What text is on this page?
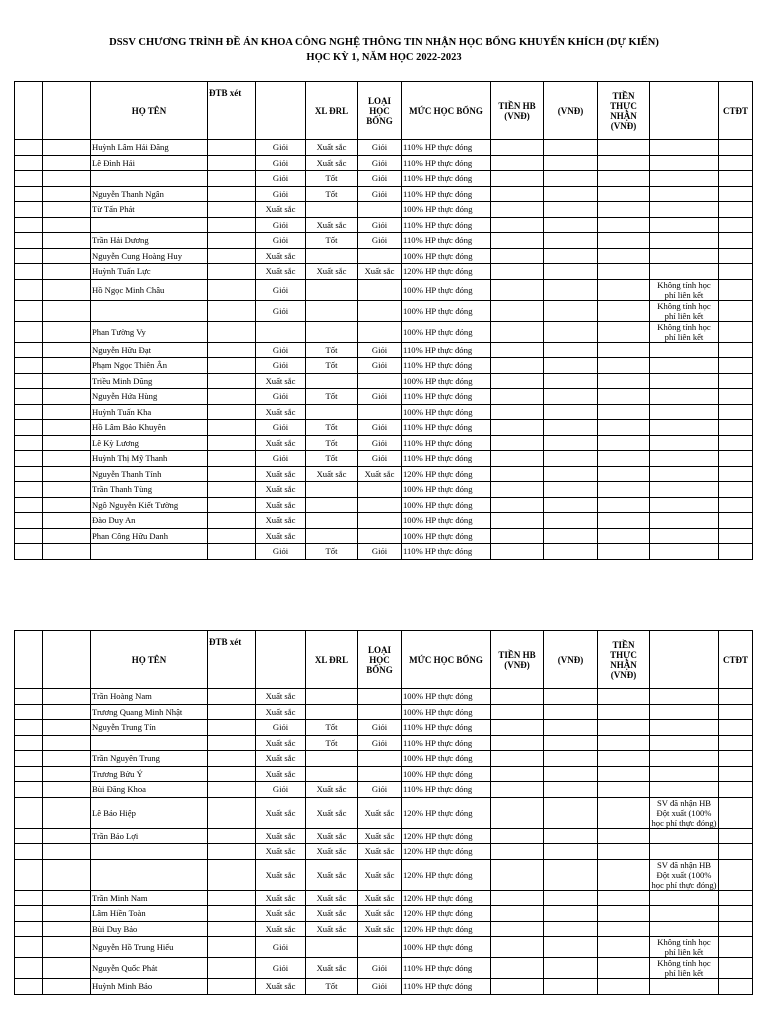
DSSV CHƯƠNG TRÌNH ĐỀ ÁN KHOA CÔNG NGHỆ THÔNG TIN NHẬN HỌC BỔNG KHUYẾN KHÍCH (DỰ KIẾN)
HỌC KỲ 1, NĂM HỌC 2022-2023
		HỌ TÊN	ĐTB xét		XL ĐRL	LOẠI HỌC BỔNG	MỨC HỌC BỔNG	TIỀN HB (VNĐ)	(VNĐ)	TIỀN THỰC NHẬN (VNĐ)		CTĐT
		Huỳnh Lâm Hải Đăng		Giỏi	Xuất sắc	Giỏi	110% HP thực đóng					
		Lê Đình Hải		Giỏi	Xuất sắc	Giỏi	110% HP thực đóng					
				Giỏi	Tốt	Giỏi	110% HP thực đóng					
		Nguyễn Thanh Ngân		Giỏi	Tốt	Giỏi	110% HP thực đóng					
		Từ Tấn Phát		Xuất sắc			100% HP thực đóng					
				Giỏi	Xuất sắc	Giỏi	110% HP thực đóng					
		Trần Hải Dương		Giỏi	Tốt	Giỏi	110% HP thực đóng					
		Nguyễn Cung Hoàng Huy		Xuất sắc			100% HP thực đóng					
		Huỳnh Tuấn Lực		Xuất sắc	Xuất sắc	Xuất sắc	120% HP thực đóng					
		Hồ Ngọc Minh Châu		Giỏi			100% HP thực đóng				Không tính học phí liên kết	
				Giỏi			100% HP thực đóng				Không tính học phí liên kết	
		Phan Tường Vy					100% HP thực đóng				Không tính học phí liên kết	
		Nguyễn Hữu Đạt		Giỏi	Tốt	Giỏi	110% HP thực đóng					
		Phạm Ngọc Thiên Ân		Giỏi	Tốt	Giỏi	110% HP thực đóng					
		Triều Minh Dũng		Xuất sắc			100% HP thực đóng					
		Nguyễn Hứa Hùng		Giỏi	Tốt	Giỏi	110% HP thực đóng					
		Huỳnh Tuấn Kha		Xuất sắc			100% HP thực đóng					
		Hồ Lâm Bảo Khuyên		Giỏi	Tốt	Giỏi	110% HP thực đóng					
		Lê Kỳ Lương		Xuất sắc	Tốt	Giỏi	110% HP thực đóng					
		Huỳnh Thị Mỹ Thanh		Giỏi	Tốt	Giỏi	110% HP thực đóng					
		Nguyễn Thanh Tính		Xuất sắc	Xuất sắc	Xuất sắc	120% HP thực đóng					
		Trần Thanh Tùng		Xuất sắc			100% HP thực đóng					
		Ngô Nguyễn Kiết Tường		Xuất sắc			100% HP thực đóng					
		Đào Duy An		Xuất sắc			100% HP thực đóng					
		Phan Công Hữu Danh		Xuất sắc			100% HP thực đóng					
				Giỏi	Tốt	Giỏi	110% HP thực đóng					
		HỌ TÊN	ĐTB xét		XL ĐRL	LOẠI HỌC BỔNG	MỨC HỌC BỔNG	TIỀN HB (VNĐ)	(VNĐ)	TIỀN THỰC NHẬN (VNĐ)		CTĐT
		Trần Hoàng Nam		Xuất sắc			100% HP thực đóng					
		Trương Quang Minh Nhật		Xuất sắc			100% HP thực đóng					
		Nguyễn Trung Tín		Giỏi	Tốt	Giỏi	110% HP thực đóng					
				Xuất sắc	Tốt	Giỏi	110% HP thực đóng					
		Trần Nguyên Trung		Xuất sắc			100% HP thực đóng					
		Trương Bửu Ý		Xuất sắc			100% HP thực đóng					
		Bùi Đăng Khoa		Giỏi	Xuất sắc	Giỏi	110% HP thực đóng					
		Lê Bảo Hiệp		Xuất sắc	Xuất sắc	Xuất sắc	120% HP thực đóng				SV đã nhận HB Đột xuất (100% học phí thực đóng)	
		Trần Bảo Lợi		Xuất sắc	Xuất sắc	Xuất sắc	120% HP thực đóng					
				Xuất sắc	Xuất sắc	Xuất sắc	120% HP thực đóng					
				Xuất sắc	Xuất sắc	Xuất sắc	120% HP thực đóng				SV đã nhận HB Đột xuất (100% học phí thực đóng)	
		Trần Minh Nam		Xuất sắc	Xuất sắc	Xuất sắc	120% HP thực đóng					
		Lâm Hiền Toàn		Xuất sắc	Xuất sắc	Xuất sắc	120% HP thực đóng					
		Bùi Duy Bảo		Xuất sắc	Xuất sắc	Xuất sắc	120% HP thực đóng					
		Nguyễn Hồ Trung Hiếu		Giỏi			100% HP thực đóng				Không tính học phí liên kết	
		Nguyễn Quốc Phát		Giỏi	Xuất sắc	Giỏi	110% HP thực đóng				Không tính học phí liên kết	
		Huỳnh Minh Bảo		Xuất sắc	Tốt	Giỏi	110% HP thực đóng					
